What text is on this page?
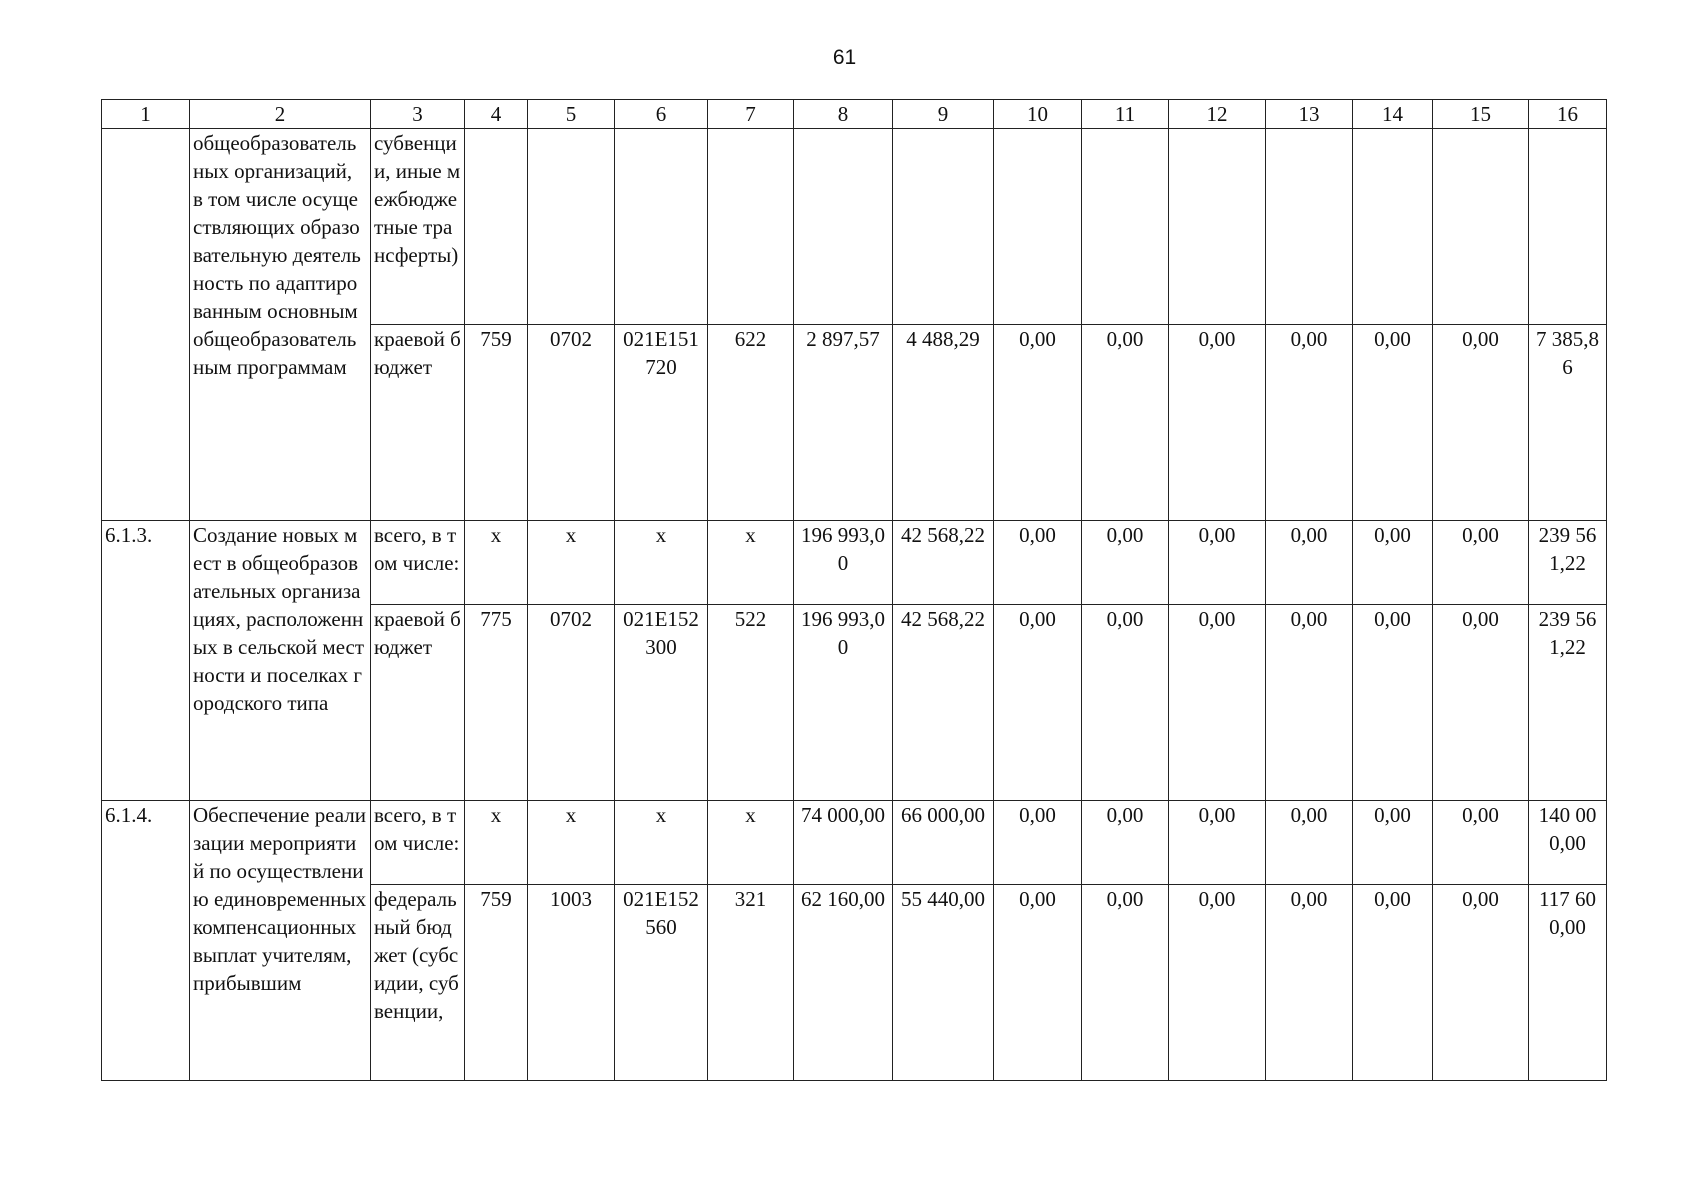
61
1	2	3	4	5	6	7	8	9	10	11	12	13	14	15	16
	общеобразовательных организаций, в том числе осуществляющих образовательную деятельность по адаптированным основным общеобразовательным программам	субвенции, иные межбюджетные трансферты)													
		краевой бюджет	759	0702	021E151720	622	2 897,57	4 488,29	0,00	0,00	0,00	0,00	0,00	0,00	7 385,86
6.1.3.	Создание новых мест в общеобразовательных организациях, расположенных в сельской местности и поселках городского типа	всего, в том числе:	x	x	x	x	196 993,00	42 568,22	0,00	0,00	0,00	0,00	0,00	0,00	239 561,22
		краевой бюджет	775	0702	021E152300	522	196 993,00	42 568,22	0,00	0,00	0,00	0,00	0,00	0,00	239 561,22
6.1.4.	Обеспечение реализации мероприятий по осуществлению единовременных компенсационных выплат учителям, прибывшим	всего, в том числе:	x	x	x	x	74 000,00	66 000,00	0,00	0,00	0,00	0,00	0,00	0,00	140 000,00
		федеральный бюджет (субсидии, субвенции,	759	1003	021E152560	321	62 160,00	55 440,00	0,00	0,00	0,00	0,00	0,00	0,00	117 600,00
